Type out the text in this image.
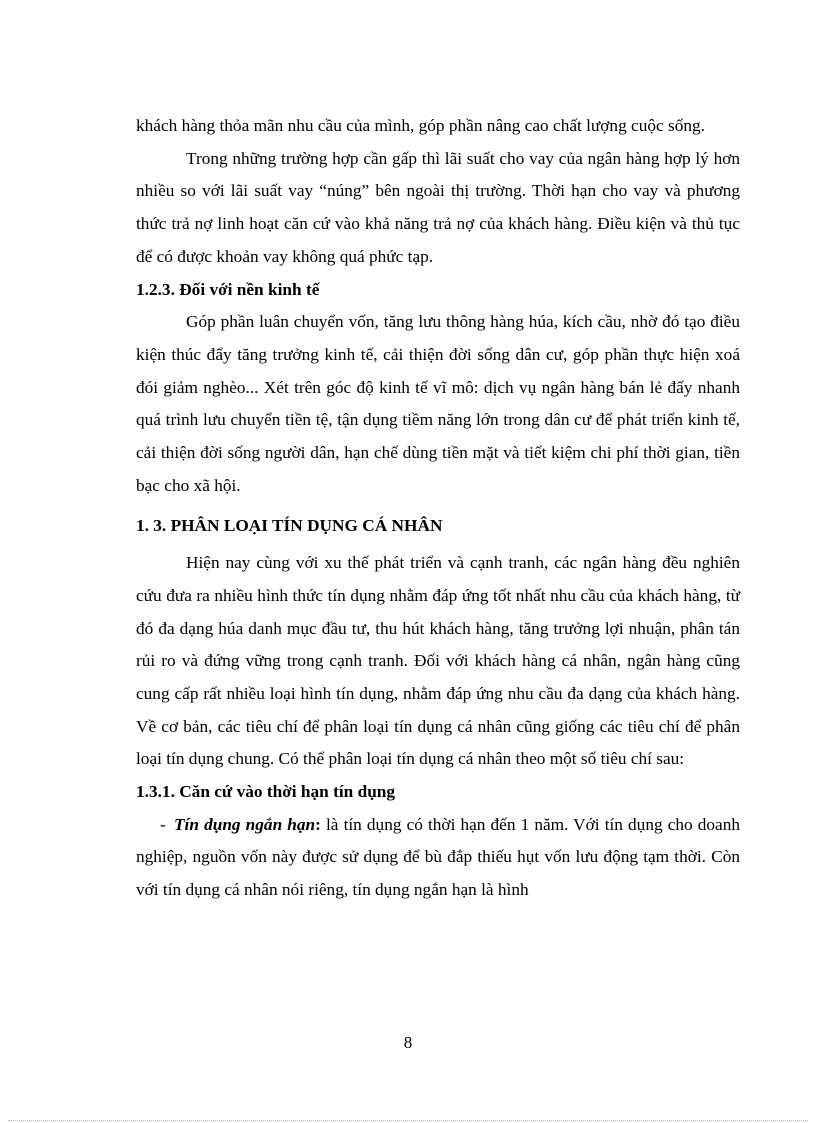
khách hàng thỏa mãn nhu cầu của mình, góp phần nâng cao chất lượng cuộc sống.

Trong những trường hợp cần gấp thì lãi suất cho vay của ngân hàng hợp lý hơn nhiều so với lãi suất vay “núng” bên ngoài thị trường. Thời hạn cho vay và phương thức trả nợ linh hoạt căn cứ vào khả năng trả nợ của khách hàng. Điều kiện và thủ tục để có được khoản vay không quá phức tạp.

1.2.3. Đối với nền kinh tế

Góp phần luân chuyển vốn, tăng lưu thông hàng húa, kích cầu, nhờ đó tạo điều kiện thúc đẩy tăng trưởng kinh tế, cải thiện đời sống dân cư, góp phần thực hiện xoá đói giảm nghèo... Xét trên góc độ kinh tế vĩ mô: dịch vụ ngân hàng bán lẻ đẩy nhanh quá trình lưu chuyển tiền tệ, tận dụng tiềm năng lớn trong dân cư để phát triển kinh tế, cải thiện đời sống người dân, hạn chế dùng tiền mặt và tiết kiệm chi phí thời gian, tiền bạc cho xã hội.

1. 3. PHÂN LOẠI TÍN DỤNG CÁ NHÂN

Hiện nay cùng với xu thế phát triển và cạnh tranh, các ngân hàng đều nghiên cứu đưa ra nhiều hình thức tín dụng nhằm đáp ứng tốt nhất nhu cầu của khách hàng, từ đó đa dạng húa danh mục đầu tư, thu hút khách hàng, tăng trưởng lợi nhuận, phân tán rủi ro và đứng vững trong cạnh tranh. Đối với khách hàng cá nhân, ngân hàng cũng cung cấp rất nhiều loại hình tín dụng, nhằm đáp ứng nhu cầu đa dạng của khách hàng. Về cơ bản, các tiêu chí để phân loại tín dụng cá nhân cũng giống các tiêu chí để phân loại tín dụng chung. Có thể phân loại tín dụng cá nhân theo một số tiêu chí sau:

1.3.1. Căn cứ vào thời hạn tín dụng

- Tín dụng ngắn hạn: là tín dụng có thời hạn đến 1 năm. Với tín dụng cho doanh nghiệp, nguồn vốn này được sử dụng để bù đắp thiếu hụt vốn lưu động tạm thời. Còn với tín dụng cá nhân nói riêng, tín dụng ngắn hạn là hình

8
